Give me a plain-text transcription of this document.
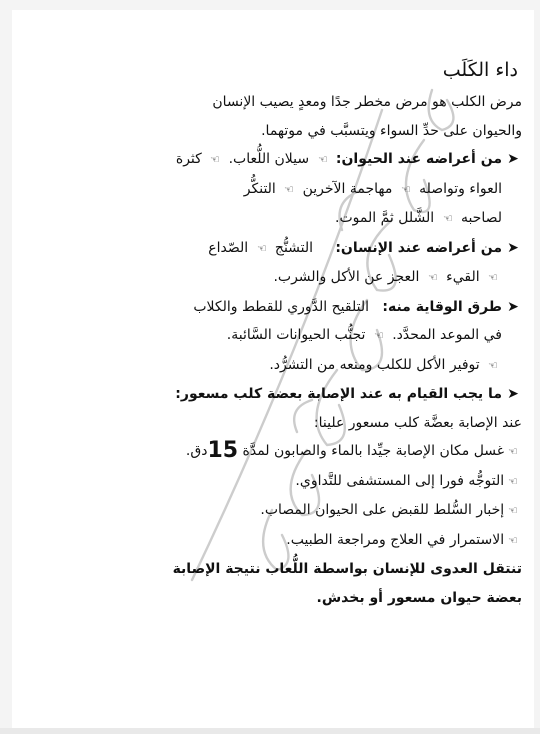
داء الكَلَب

مرض الكلب هو مرض مخطر جدًا ومعدٍ يصيب الإنسان
والحيوان على حدِّ السواء ويتسبَّب في موتهما.

➤
من أعراضه عند الحيوان: ☞ سيلان اللُّعاب. ☞ كثرة
العواء وتواصله ☞ مهاجمة الآخرين ☞ التنكُّر
لصاحبه ☞ الشَّلل ثمَّ الموت.
➤
من أعراضه عند الإنسان:     التشنُّج ☞ الصّداع
☞ القيء ☞ العجز عن الأكل والشرب.
➤
طرق الوقاية منه:   التلقيح الدَّوري للقطط والكلاب
في الموعد المحدَّد. ☞ تجنُّب الحيوانات السَّائبة.
☞ توفير الأكل للكلب ومنعه من التشرُّد.
➤
ما يجب القيام به عند الإصابة بعضة كلب مسعور:
عند الإصابة بعضَّة كلب مسعور علينا:
☞غسل مكان الإصابة جيِّدا بالماء والصابون لمدَّة 15دق.
☞التوجُّه فورا إلى المستشفى للتَّداوي.
☞إخبار السُّلط للقبض على الحيوان المصاب.
☞الاستمرار في العلاج ومراجعة الطبيب.

تنتقل العدوى للإنسان بواسطة اللُّعاب نتيجة الإصابة
بعضة حيوان مسعور أو بخدش.
